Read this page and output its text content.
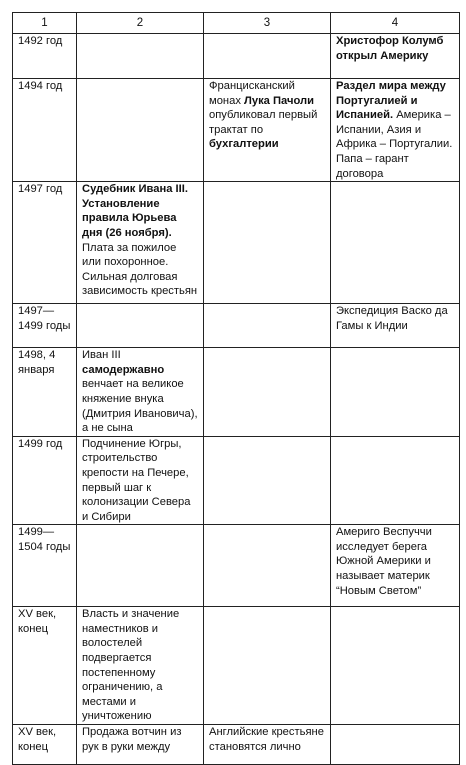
1	2	3	4
1492 год			Христофор Колумб открыл Америку
1494 год		Францисканский монах Лука Пачоли опубликовал первый трактат по бухгалтерии	Раздел мира между Португалией и Испанией. Америка – Испании, Азия и Африка – Португалии. Папа – гарант договора
1497 год	Судебник Ивана III. Установление правила Юрьева дня (26 ноября). Плата за пожилое или похоронное. Сильная долговая зависимость крестьян		
1497—1499 годы			Экспедиция Васко да Гамы к Индии
1498, 4 января	Иван III самодержавно венчает на великое княжение внука (Дмитрия Ивановича), а не сына		
1499 год	Подчинение Югры, строительство крепости на Печере, первый шаг к колонизации Севера и Сибири		
1499—1504 годы			Америго Веспуччи исследует берега Южной Америки и называет материк “Новым Светом”
XV век, конец	Власть и значение наместников и волостелей подвергается постепенному ограничению, а местами и уничтожению		
XV век, конец	Продажа вотчин из рук в руки между	Английские крестьяне становятся лично	
